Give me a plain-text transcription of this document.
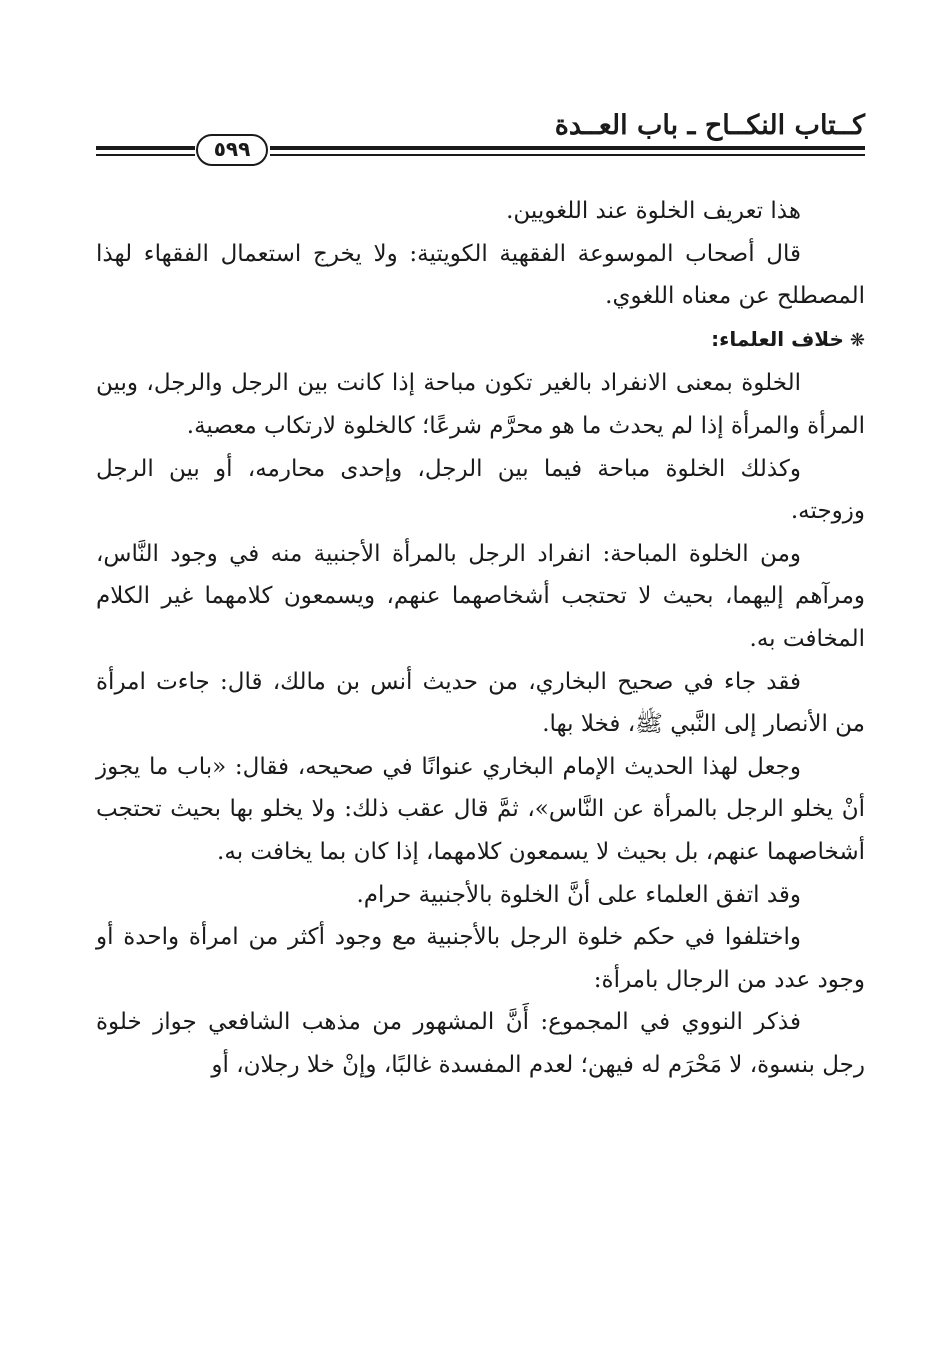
كــتاب النكــاح ـ باب العــدة
٥٩٩

هذا تعريف الخلوة عند اللغويين.

قال أصحاب الموسوعة الفقهية الكويتية: ولا يخرج استعمال الفقهاء لهذا المصطلح عن معناه اللغوي.

❋خلاف العلماء:

الخلوة بمعنى الانفراد بالغير تكون مباحة إذا كانت بين الرجل والرجل، وبين المرأة والمرأة إذا لم يحدث ما هو محرَّم شرعًا؛ كالخلوة لارتكاب معصية.

وكذلك الخلوة مباحة فيما بين الرجل، وإحدى محارمه، أو بين الرجل وزوجته.

ومن الخلوة المباحة: انفراد الرجل بالمرأة الأجنبية منه في وجود النَّاس، ومرآهم إليهما، بحيث لا تحتجب أشخاصهما عنهم، ويسمعون كلامهما غير الكلام المخافت به.

فقد جاء في صحيح البخاري، من حديث أنس بن مالك، قال: جاءت امرأة من الأنصار إلى النَّبي ﷺ، فخلا بها.

وجعل لهذا الحديث الإمام البخاري عنوانًا في صحيحه، فقال: «باب ما يجوز أنْ يخلو الرجل بالمرأة عن النَّاس»، ثمَّ قال عقب ذلك: ولا يخلو بها بحيث تحتجب أشخاصهما عنهم، بل بحيث لا يسمعون كلامهما، إذا كان بما يخافت به.

وقد اتفق العلماء على أنَّ الخلوة بالأجنبية حرام.

واختلفوا في حكم خلوة الرجل بالأجنبية مع وجود أكثر من امرأة واحدة أو وجود عدد من الرجال بامرأة:

فذكر النووي في المجموع: أَنَّ المشهور من مذهب الشافعي جواز خلوة رجل بنسوة، لا مَحْرَم له فيهن؛ لعدم المفسدة غالبًا، وإنْ خلا رجلان، أو
